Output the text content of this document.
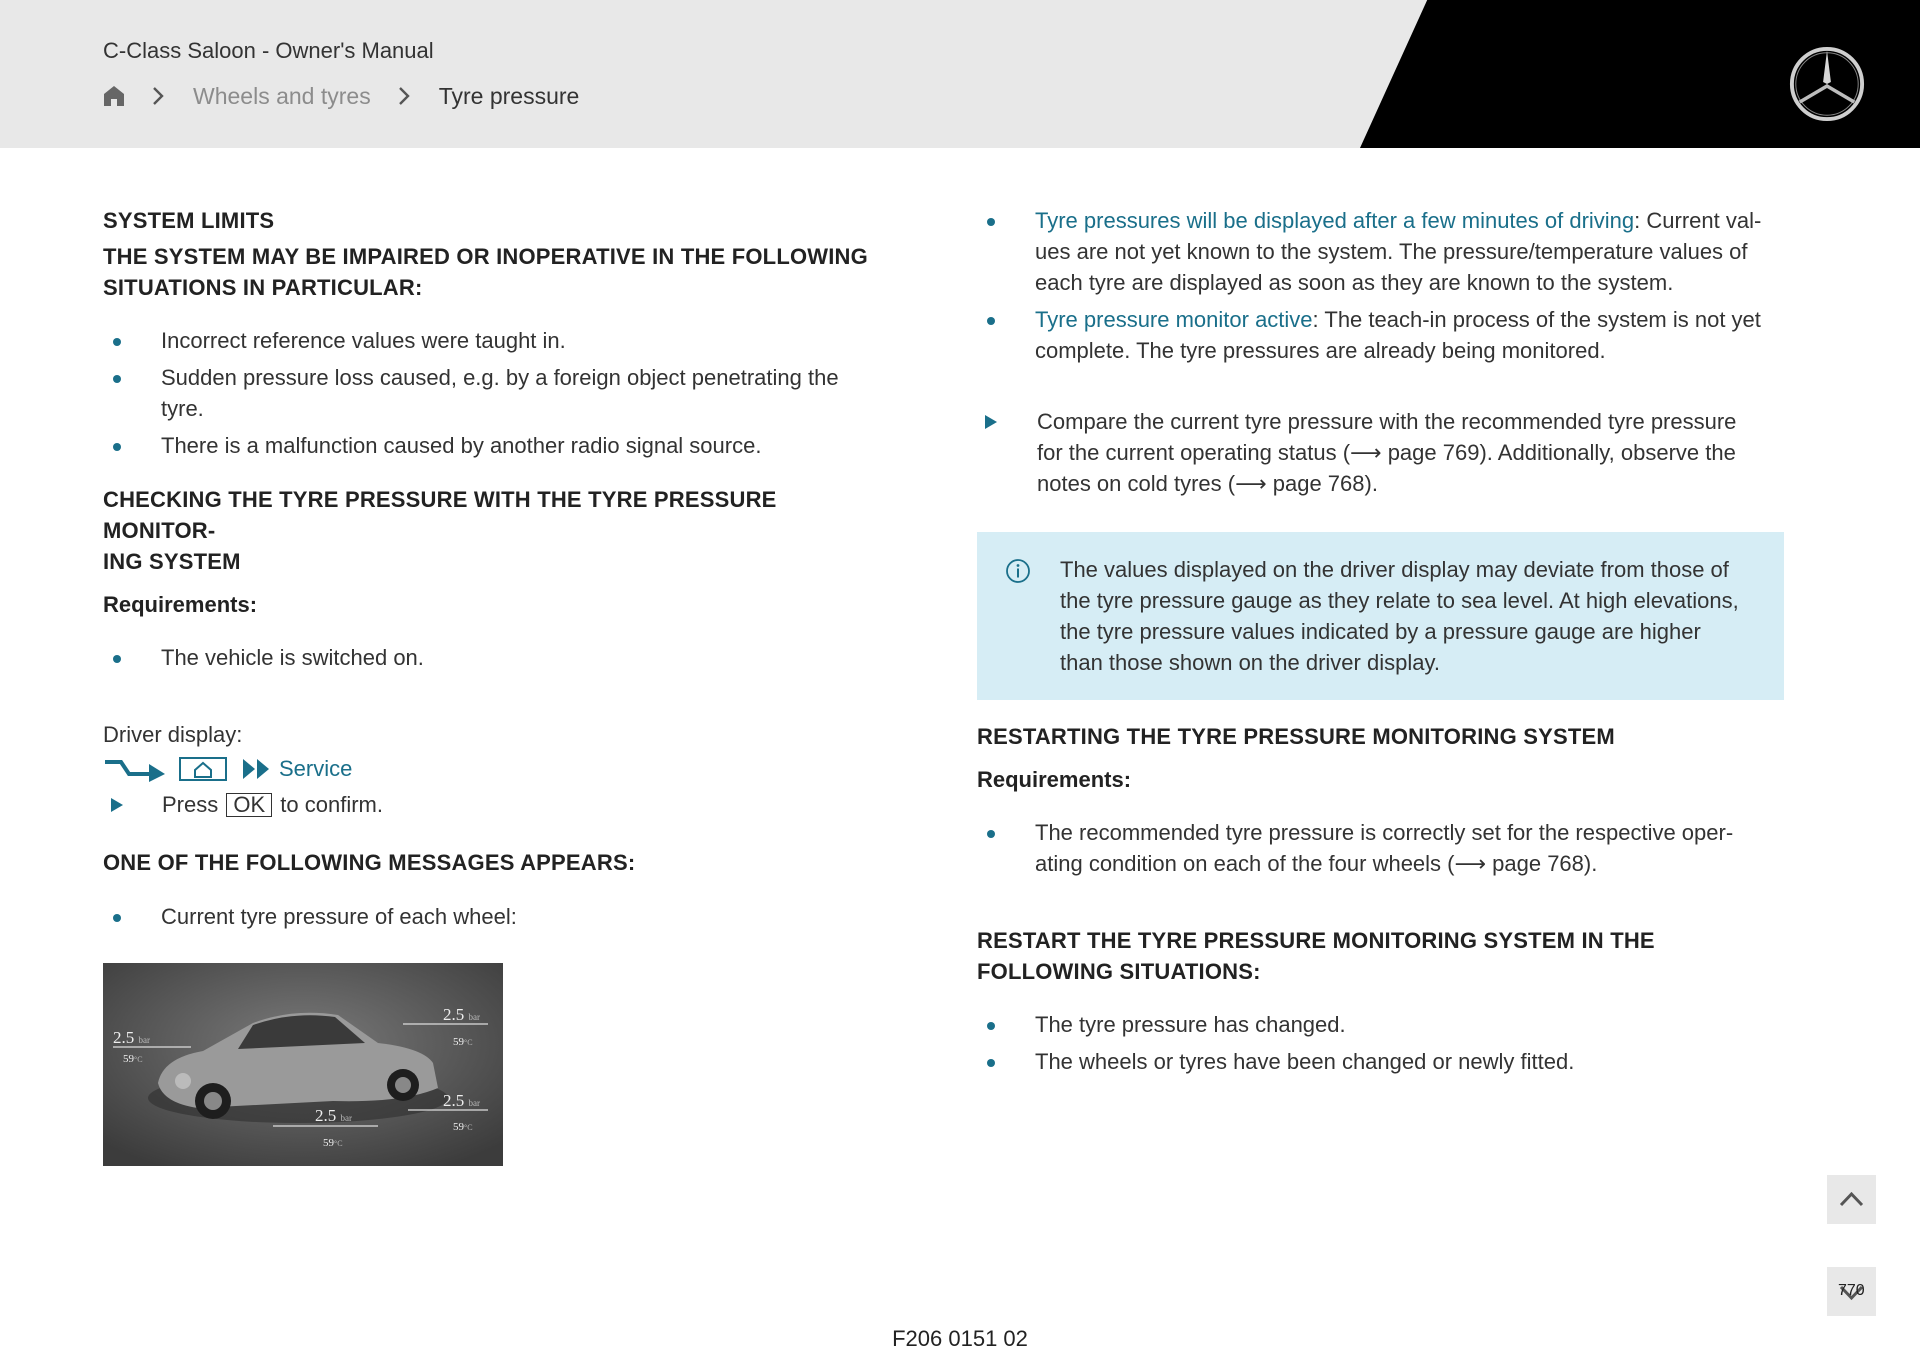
C-Class Saloon - Owner's Manual
Wheels and tyres	Tyre pressure
SYSTEM LIMITS
THE SYSTEM MAY BE IMPAIRED OR INOPERATIVE IN THE FOLLOWING SITUATIONS IN PARTICULAR:
Incorrect reference values were taught in.
Sudden pressure loss caused, e.g. by a foreign object penetrating the tyre.
There is a malfunction caused by another radio signal source.
CHECKING THE TYRE PRESSURE WITH THE TYRE PRESSURE MONITOR-
ING SYSTEM
Requirements:
The vehicle is switched on.

Driver display:

Service
Press OK to confirm.
ONE OF THE FOLLOWING MESSAGES APPEARS:
Current tyre pressure of each wheel:
2.5 bar
59°C
2.5 bar
59°C
2.5 bar
59°C
2.5 bar
59°C
Tyre pressures will be displayed after a few minutes of driving: Current val-
ues are not yet known to the system. The pressure/temperature values of
each tyre are displayed as soon as they are known to the system.
Tyre pressure monitor active: The teach-in process of the system is not yet
complete. The tyre pressures are already being monitored.
Compare the current tyre pressure with the recommended tyre pressure
for the current operating status (⟶ page 769). Additionally, observe the
notes on cold tyres (⟶ page 768).
The values displayed on the driver display may deviate from those of the tyre pressure gauge as they relate to sea level. At high elevations, the tyre pressure values indicated by a pressure gauge are higher than those shown on the driver display.
RESTARTING THE TYRE PRESSURE MONITORING SYSTEM
Requirements:
The recommended tyre pressure is correctly set for the respective oper-
ating condition on each of the four wheels (⟶ page 768).
RESTART THE TYRE PRESSURE MONITORING SYSTEM IN THE FOLLOWING SITUATIONS:
The tyre pressure has changed.
The wheels or tyres have been changed or newly fitted.
770
F206 0151 02
